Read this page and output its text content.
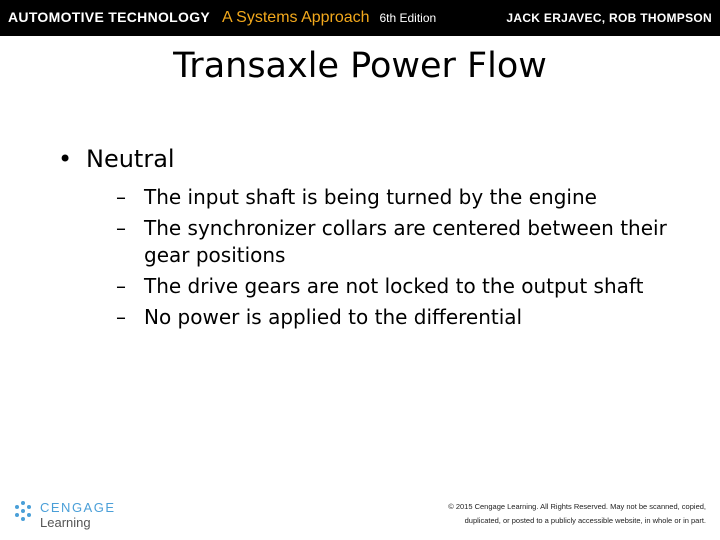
AUTOMOTIVE TECHNOLOGY A Systems Approach 6th Edition	JACK ERJAVEC, ROB THOMPSON
Transaxle Power Flow
• Neutral
– The input shaft is being turned by the engine
– The synchronizer collars are centered between their gear positions
– The drive gears are not locked to the output shaft
– No power is applied to the differential
CENGAGE
Learning
© 2015 Cengage Learning. All Rights Reserved. May not be scanned, copied,
duplicated, or posted to a publicly accessible website, in whole or in part.
